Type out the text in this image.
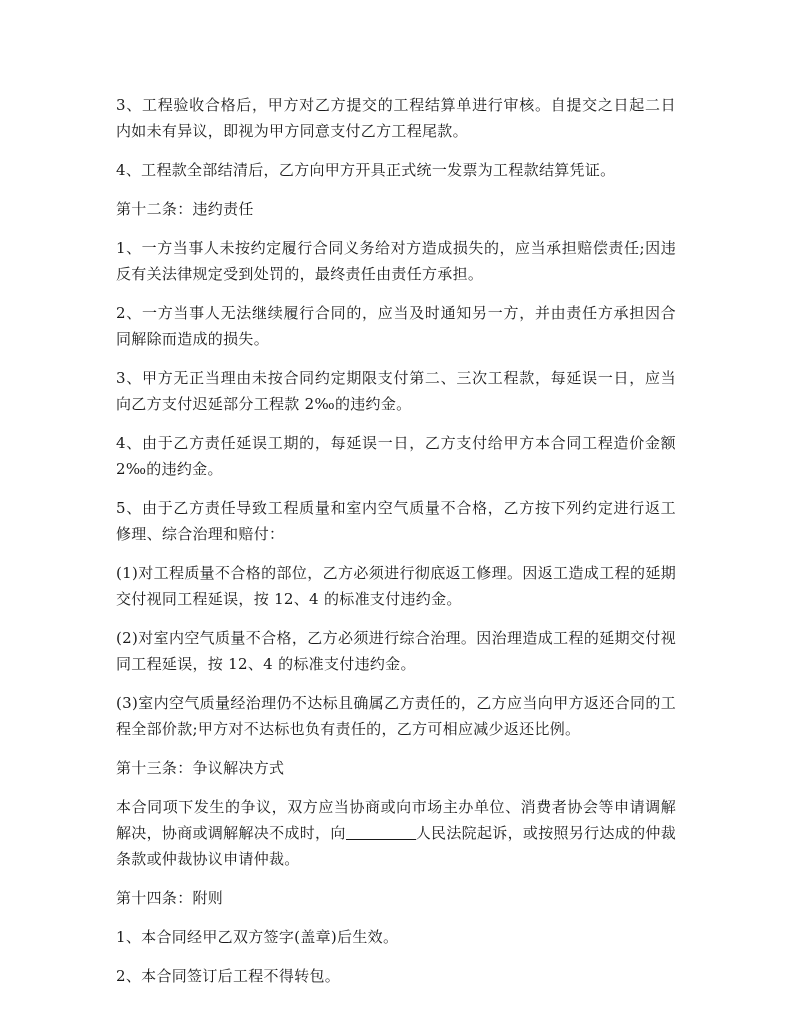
3、工程验收合格后，甲方对乙方提交的工程结算单进行审核。自提交之日起二日内如未有异议，即视为甲方同意支付乙方工程尾款。

4、工程款全部结清后，乙方向甲方开具正式统一发票为工程款结算凭证。

第十二条：违约责任

1、一方当事人未按约定履行合同义务给对方造成损失的，应当承担赔偿责任;因违反有关法律规定受到处罚的，最终责任由责任方承担。

2、一方当事人无法继续履行合同的，应当及时通知另一方，并由责任方承担因合同解除而造成的损失。

3、甲方无正当理由未按合同约定期限支付第二、三次工程款，每延误一日，应当向乙方支付迟延部分工程款 2‰的违约金。

4、由于乙方责任延误工期的，每延误一日，乙方支付给甲方本合同工程造价金额 2‰的违约金。

5、由于乙方责任导致工程质量和室内空气质量不合格，乙方按下列约定进行返工修理、综合治理和赔付：

(1)对工程质量不合格的部位，乙方必须进行彻底返工修理。因返工造成工程的延期交付视同工程延误，按 12、4 的标准支付违约金。

(2)对室内空气质量不合格，乙方必须进行综合治理。因治理造成工程的延期交付视同工程延误，按 12、4 的标准支付违约金。

(3)室内空气质量经治理仍不达标且确属乙方责任的，乙方应当向甲方返还合同的工程全部价款;甲方对不达标也负有责任的，乙方可相应减少返还比例。

第十三条：争议解决方式

本合同项下发生的争议，双方应当协商或向市场主办单位、消费者协会等申请调解解决，协商或调解解决不成时，向	人民法院起诉，或按照另行达成的仲裁条款或仲裁协议申请仲裁。

第十四条：附则

1、本合同经甲乙双方签字(盖章)后生效。

2、本合同签订后工程不得转包。
